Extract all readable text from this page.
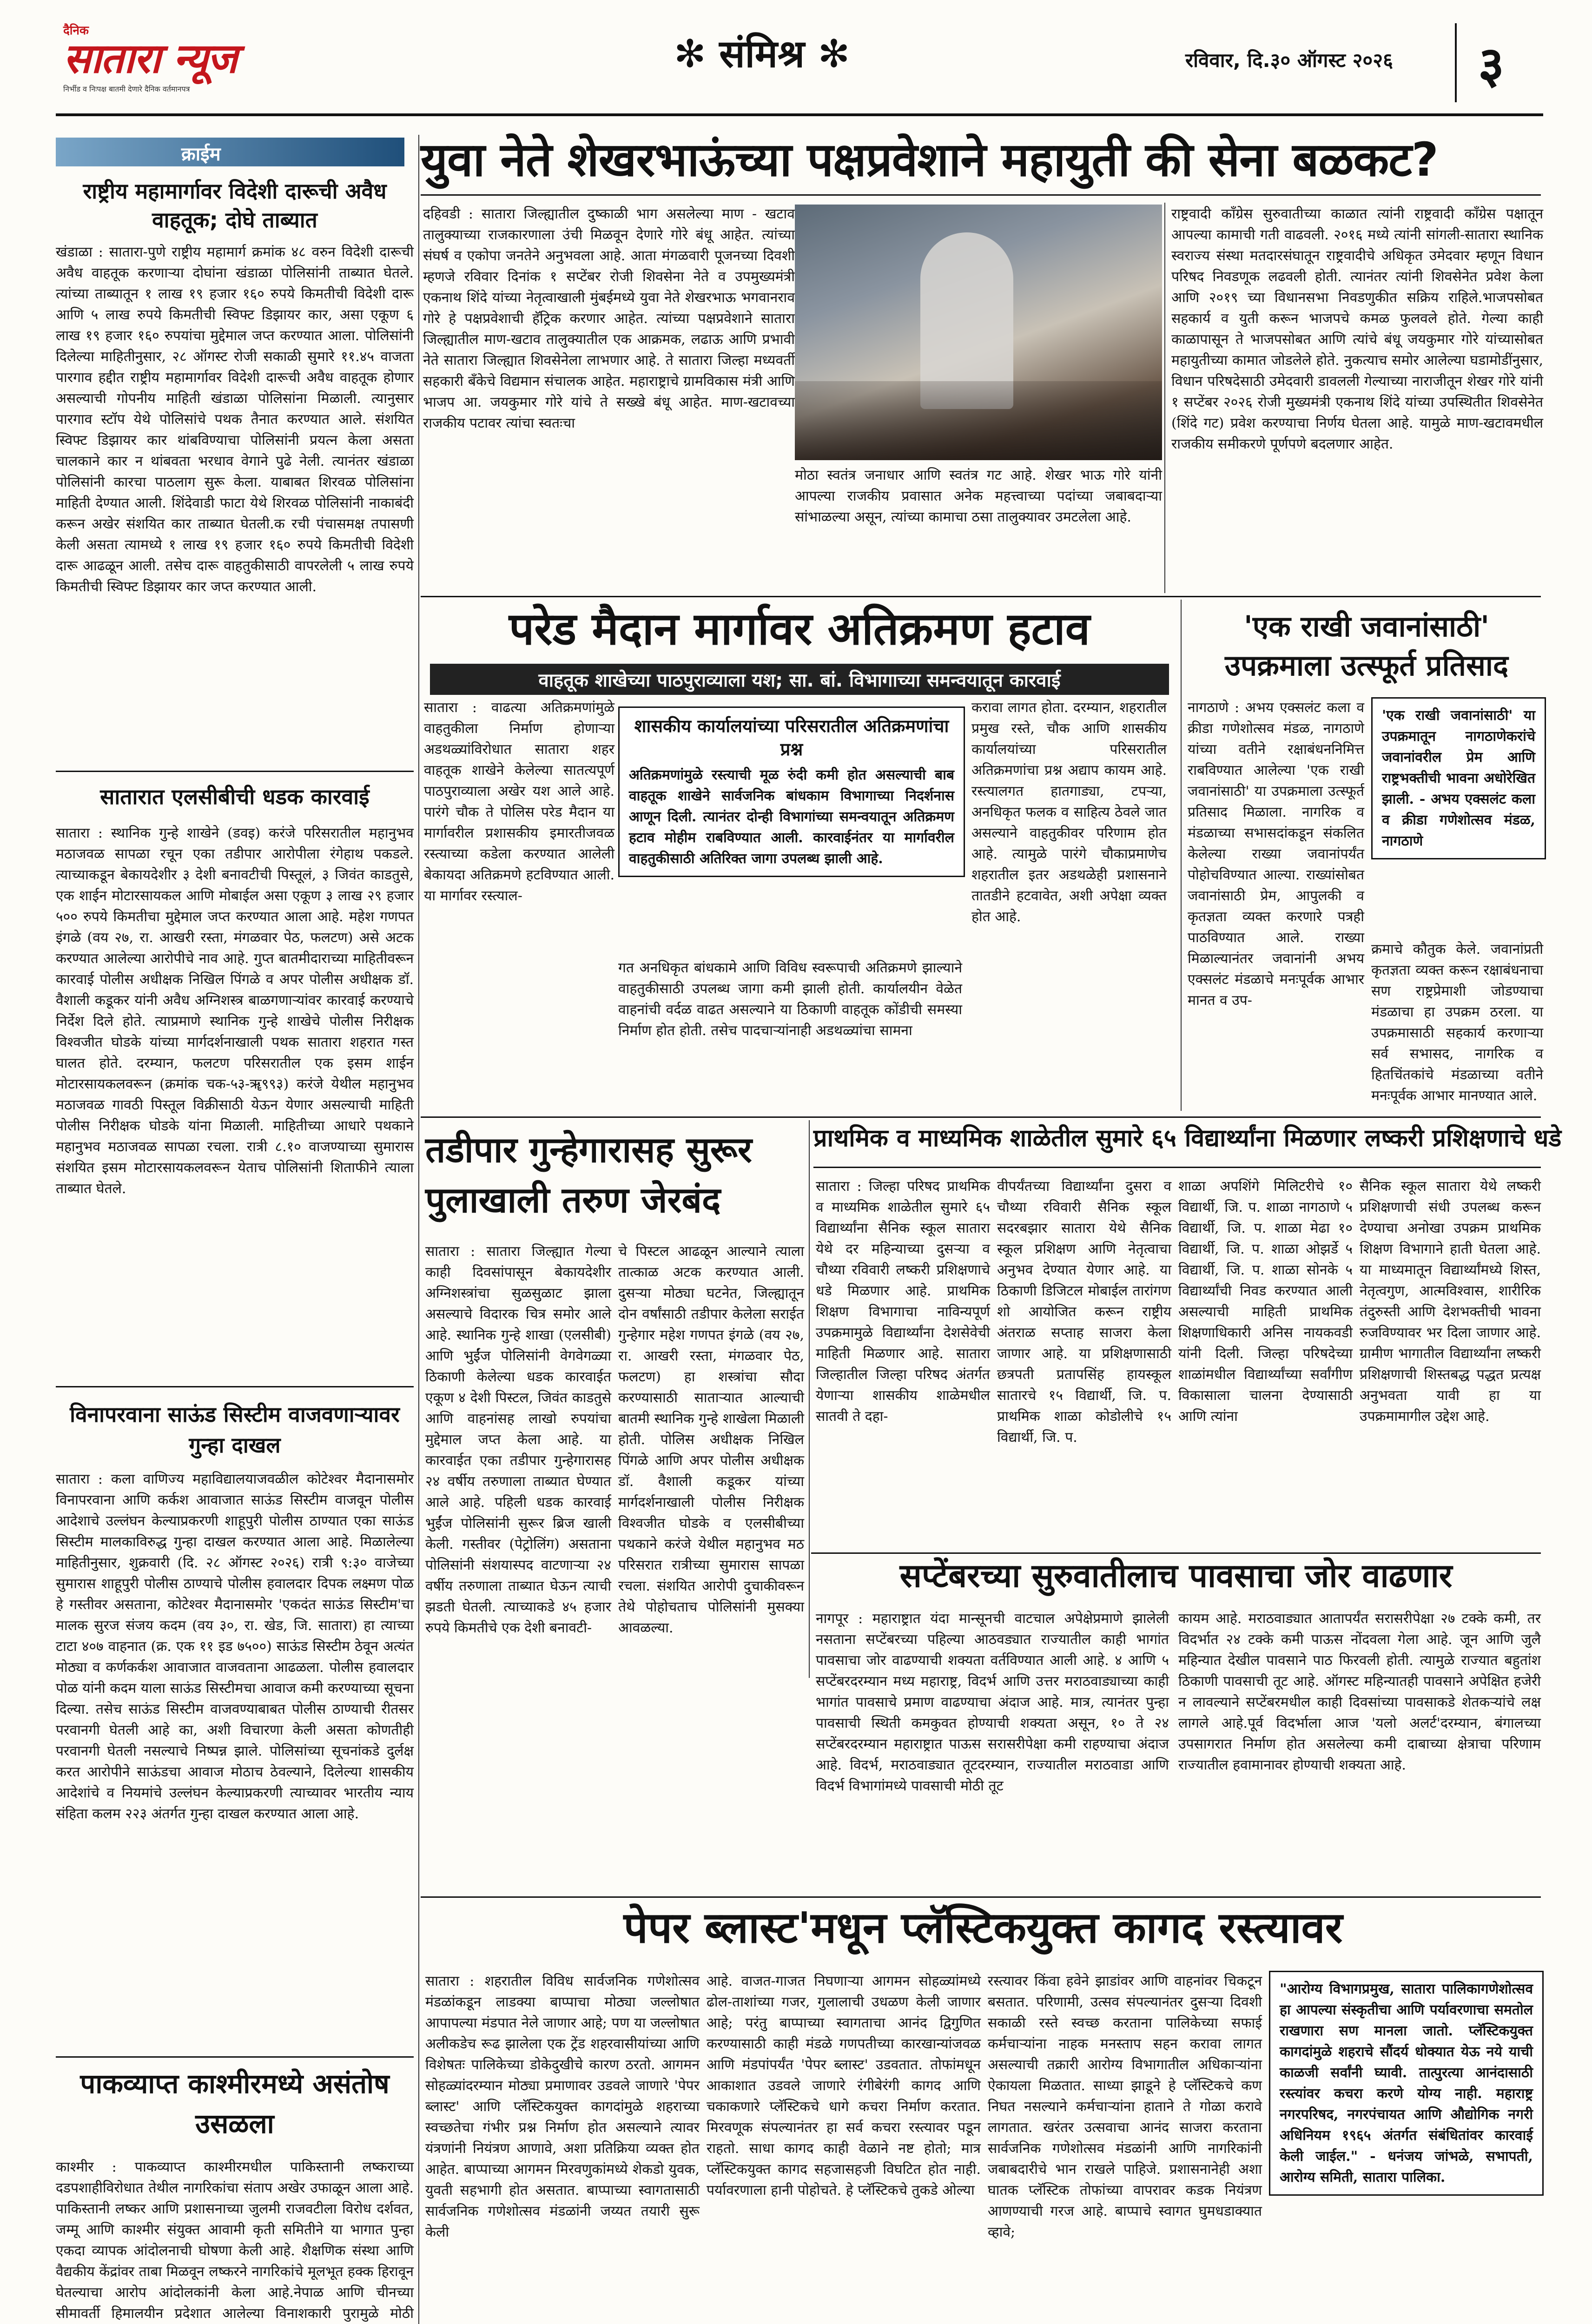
दैनिक
सातारा न्यूज
निर्भीड व निःपक्ष बातमी देणारे दैनिक वर्तमानपत्र
✻ संमिश्र ✻	रविवार, दि.३० ऑगस्ट २०२६ ३
क्राईम
राष्ट्रीय महामार्गावर विदेशी दारूची अवैध वाहतूक; दोघे ताब्यात

खंडाळा : सातारा-पुणे राष्ट्रीय महामार्ग क्रमांक ४८ वरुन विदेशी दारूची अवैध वाहतूक करणाऱ्या दोघांना खंडाळा पोलिसांनी ताब्यात घेतले. त्यांच्या ताब्यातून १ लाख १९ हजार १६० रुपये किमतीची विदेशी दारू आणि ५ लाख रुपये किमतीची स्विफ्ट डिझायर कार, असा एकूण ६ लाख १९ हजार १६० रुपयांचा मुद्देमाल जप्त करण्यात आला. पोलिसांनी दिलेल्या माहितीनुसार, २८ ऑगस्ट रोजी सकाळी सुमारे ११.४५ वाजता पारगाव हद्दीत राष्ट्रीय महामार्गावर विदेशी दारूची अवैध वाहतूक होणार असल्याची गोपनीय माहिती खंडाळा पोलिसांना मिळाली. त्यानुसार पारगाव स्टॉप येथे पोलिसांचे पथक तैनात करण्यात आले. संशयित स्विफ्ट डिझायर कार थांबविण्याचा पोलिसांनी प्रयत्न केला असता चालकाने कार न थांबवता भरधाव वेगाने पुढे नेली. त्यानंतर खंडाळा पोलिसांनी कारचा पाठलाग सुरू केला. याबाबत शिरवळ पोलिसांना माहिती देण्यात आली. शिंदेवाडी फाटा येथे शिरवळ पोलिसांनी नाकाबंदी करून अखेर संशयित कार ताब्यात घेतली.क रची पंचासमक्ष तपासणी केली असता त्यामध्ये १ लाख १९ हजार १६० रुपये किमतीची विदेशी दारू आढळून आली. तसेच दारू वाहतुकीसाठी वापरलेली ५ लाख रुपये किमतीची स्विफ्ट डिझायर कार जप्त करण्यात आली.

सातारात एलसीबीची धडक कारवाई

सातारा : स्थानिक गुन्हे शाखेने (डवइ) करंजे परिसरातील महानुभव मठाजवळ सापळा रचून एका तडीपार आरोपीला रंगेहाथ पकडले. त्याच्याकडून बेकायदेशीर ३ देशी बनावटीची पिस्तूलं, ३ जिवंत काडतुसे, एक शाईन मोटारसायकल आणि मोबाईल असा एकूण ३ लाख २९ हजार ५०० रुपये किमतीचा मुद्देमाल जप्त करण्यात आला आहे. महेश गणपत इंगळे (वय २७, रा. आखरी रस्ता, मंगळवार पेठ, फलटण) असे अटक करण्यात आलेल्या आरोपीचे नाव आहे. गुप्त बातमीदाराच्या माहितीवरून कारवाई पोलीस अधीक्षक निखिल पिंगळे व अपर पोलीस अधीक्षक डॉ. वैशाली कडूकर यांनी अवैध अग्निशस्त्र बाळगणाऱ्यांवर कारवाई करण्याचे निर्देश दिले होते. त्याप्रमाणे स्थानिक गुन्हे शाखेचे पोलीस निरीक्षक विश्वजीत घोडके यांच्या मार्गदर्शनाखाली पथक सातारा शहरात गस्त घालत होते. दरम्यान, फलटण परिसरातील एक इसम शाईन मोटारसायकलवरून (क्रमांक चक-५३-ॠ९९३) करंजे येथील महानुभव मठाजवळ गावठी पिस्तूल विक्रीसाठी येऊन येणार असल्याची माहिती पोलीस निरीक्षक घोडके यांना मिळाली. माहितीच्या आधारे पथकाने महानुभव मठाजवळ सापळा रचला. रात्री ८.१० वाजण्याच्या सुमारास संशयित इसम मोटारसायकलवरून येताच पोलिसांनी शिताफीने त्याला ताब्यात घेतले.

विनापरवाना साऊंड सिस्टीम वाजवणाऱ्यावर गुन्हा दाखल

सातारा : कला वाणिज्य महाविद्यालयाजवळील कोटेश्वर मैदानासमोर विनापरवाना आणि कर्कश आवाजात साऊंड सिस्टीम वाजवून पोलीस आदेशाचे उल्लंघन केल्याप्रकरणी शाहूपुरी पोलीस ठाण्यात एका साऊंड सिस्टीम मालकाविरुद्ध गुन्हा दाखल करण्यात आला आहे. मिळालेल्या माहितीनुसार, शुक्रवारी (दि. २८ ऑगस्ट २०२६) रात्री ९:३० वाजेच्या सुमारास शाहूपुरी पोलीस ठाण्याचे पोलीस हवालदार दिपक लक्ष्मण पोळ हे गस्तीवर असताना, कोटेश्वर मैदानासमोर 'एकदंत साऊंड सिस्टीम'चा मालक सुरज संजय कदम (वय ३०, रा. खेड, जि. सातारा) हा त्याच्या टाटा ४०७ वाहनात (क्र. एक ११ इड ७५००) साऊंड सिस्टीम ठेवून अत्यंत मोठ्या व कर्णकर्कश आवाजात वाजवताना आढळला. पोलीस हवालदार पोळ यांनी कदम याला साऊंड सिस्टीमचा आवाज कमी करण्याच्या सूचना दिल्या. तसेच साऊंड सिस्टीम वाजवण्याबाबत पोलीस ठाण्याची रीतसर परवानगी घेतली आहे का, अशी विचारणा केली असता कोणतीही परवानगी घेतली नसल्याचे निष्पन्न झाले. पोलिसांच्या सूचनांकडे दुर्लक्ष करत आरोपीने साऊंडचा आवाज मोठाच ठेवल्याने, दिलेल्या शासकीय आदेशांचे व नियमांचे उल्लंघन केल्याप्रकरणी त्याच्यावर भारतीय न्याय संहिता कलम २२३ अंतर्गत गुन्हा दाखल करण्यात आला आहे.

पाकव्याप्त काश्मीरमध्ये असंतोष उसळला

काश्मीर : पाकव्याप्त काश्मीरमधील पाकिस्तानी लष्कराच्या दडपशाहीविरोधात तेथील नागरिकांचा संताप अखेर उफाळून आला आहे. पाकिस्तानी लष्कर आणि प्रशासनाच्या जुलमी राजवटीला विरोध दर्शवत, जम्मू आणि काश्मीर संयुक्त आवामी कृती समितीने या भागात पुन्हा एकदा व्यापक आंदोलनाची घोषणा केली आहे. शैक्षणिक संस्था आणि वैद्यकीय केंद्रांवर ताबा मिळवून लष्करने नागरिकांचे मूलभूत हक्क हिरावून घेतल्याचा आरोप आंदोलकांनी केला आहे.नेपाळ आणि चीनच्या सीमावर्ती हिमालयीन प्रदेशात आलेल्या विनाशकारी पुरामुळे मोठी

युवा नेते शेखरभाऊंच्या पक्षप्रवेशाने महायुती की सेना बळकट?

दहिवडी : सातारा जिल्ह्यातील दुष्काळी भाग असलेल्या माण - खटाव तालुक्याच्या राजकारणाला उंची मिळवून देणारे गोरे बंधू आहेत. त्यांच्या संघर्ष व एकोपा जनतेने अनुभवला आहे. आता मंगळवारी पूजनच्या दिवशी म्हणजे रविवार दिनांक १ सप्टेंबर रोजी शिवसेना नेते व उपमुख्यमंत्री एकनाथ शिंदे यांच्या नेतृत्वाखाली मुंबईमध्ये युवा नेते शेखरभाऊ भगवानराव गोरे हे पक्षप्रवेशाची हॅट्रिक करणार आहेत. त्यांच्या पक्षप्रवेशाने सातारा जिल्ह्यातील माण-खटाव तालुक्यातील एक आक्रमक, लढाऊ आणि प्रभावी नेते सातारा जिल्ह्यात शिवसेनेला लाभणार आहे. ते सातारा जिल्हा मध्यवर्ती सहकारी बँकेचे विद्यमान संचालक आहेत. महाराष्ट्राचे ग्रामविकास मंत्री आणि भाजप आ. जयकुमार गोरे यांचे ते सख्खे बंधू आहेत. माण-खटावच्या राजकीय पटावर त्यांचा स्वतःचा

मोठा स्वतंत्र जनाधार आणि स्वतंत्र गट आहे. शेखर भाऊ गोरे यांनी आपल्या राजकीय प्रवासात अनेक महत्त्वाच्या पदांच्या जबाबदाऱ्या सांभाळल्या असून, त्यांच्या कामाचा ठसा तालुक्यावर उमटलेला आहे.

राष्ट्रवादी काँग्रेस सुरुवातीच्या काळात त्यांनी राष्ट्रवादी काँग्रेस पक्षातून आपल्या कामाची गती वाढवली. २०१६ मध्ये त्यांनी सांगली-सातारा स्थानिक स्वराज्य संस्था मतदारसंघातून राष्ट्रवादीचे अधिकृत उमेदवार म्हणून विधान परिषद निवडणूक लढवली होती. त्यानंतर त्यांनी शिवसेनेत प्रवेश केला आणि २०१९ च्या विधानसभा निवडणुकीत सक्रिय राहिले.भाजपसोबत सहकार्य व युती करून भाजपचे कमळ फुलवले होते. गेल्या काही काळापासून ते भाजपसोबत आणि त्यांचे बंधू जयकुमार गोरे यांच्यासोबत महायुतीच्या कामात जोडलेले होते. नुकत्याच समोर आलेल्या घडामोडींनुसार, विधान परिषदेसाठी उमेदवारी डावलली गेल्याच्या नाराजीतून शेखर गोरे यांनी १ सप्टेंबर २०२६ रोजी मुख्यमंत्री एकनाथ शिंदे यांच्या उपस्थितीत शिवसेनेत (शिंदे गट) प्रवेश करण्याचा निर्णय घेतला आहे. यामुळे माण-खटावमधील राजकीय समीकरणे पूर्णपणे बदलणार आहेत.

परेड मैदान मार्गावर अतिक्रमण हटाव
वाहतूक शाखेच्या पाठपुराव्याला यश; सा. बां. विभागाच्या समन्वयातून कारवाई

सातारा : वाढत्या अतिक्रमणांमुळे वाहतुकीला निर्माण होणाऱ्या अडथळ्यांविरोधात सातारा शहर वाहतूक शाखेने केलेल्या सातत्यपूर्ण पाठपुराव्याला अखेर यश आले आहे. पारंगे चौक ते पोलिस परेड मैदान या मार्गावरील प्रशासकीय इमारतीजवळ रस्त्याच्या कडेला करण्यात आलेली बेकायदा अतिक्रमणे हटविण्यात आली. या मार्गावर रस्त्याल-

शासकीय कार्यालयांच्या परिसरातील अतिक्रमणांचा प्रश्न
अतिक्रमणांमुळे रस्त्याची मूळ रुंदी कमी होत असल्याची बाब वाहतूक शाखेने सार्वजनिक बांधकाम विभागाच्या निदर्शनास आणून दिली. त्यानंतर दोन्ही विभागांच्या समन्वयातून अतिक्रमण हटाव मोहीम राबविण्यात आली. कारवाईनंतर या मार्गावरील वाहतुकीसाठी अतिरिक्त जागा उपलब्ध झाली आहे.

गत अनधिकृत बांधकामे आणि विविध स्वरूपाची अतिक्रमणे झाल्याने वाहतुकीसाठी उपलब्ध जागा कमी झाली होती. कार्यालयीन वेळेत वाहनांची वर्दळ वाढत असल्याने या ठिकाणी वाहतूक कोंडीची समस्या निर्माण होत होती. तसेच पादचाऱ्यांनाही अडथळ्यांचा सामना

करावा लागत होता. दरम्यान, शहरातील प्रमुख रस्ते, चौक आणि शासकीय कार्यालयांच्या परिसरातील अतिक्रमणांचा प्रश्न अद्याप कायम आहे. रस्त्यालगत हातगाड्या, टपऱ्या, अनधिकृत फलक व साहित्य ठेवले जात असल्याने वाहतुकीवर परिणाम होत आहे. त्यामुळे पारंगे चौकाप्रमाणेच शहरातील इतर अडथळेही प्रशासनाने तातडीने हटवावेत, अशी अपेक्षा व्यक्त होत आहे.

'एक राखी जवानांसाठी' उपक्रमाला उत्स्फूर्त प्रतिसाद

नागठाणे : अभय एक्सलंट कला व क्रीडा गणेशोत्सव मंडळ, नागठाणे यांच्या वतीने रक्षाबंधननिमित्त राबविण्यात आलेल्या 'एक राखी जवानांसाठी' या उपक्रमाला उत्स्फूर्त प्रतिसाद मिळाला. नागरिक व मंडळाच्या सभासदांकडून संकलित केलेल्या राख्या जवानांपर्यंत पोहोचविण्यात आल्या. राख्यांसोबत जवानांसाठी प्रेम, आपुलकी व कृतज्ञता व्यक्त करणारे पत्रही पाठविण्यात आले. राख्या मिळाल्यानंतर जवानांनी अभय एक्सलंट मंडळाचे मनःपूर्वक आभार मानत व उप-

'एक राखी जवानांसाठी' या उपक्रमातून नागठाणेकरांचे जवानांवरील प्रेम आणि राष्ट्रभक्तीची भावना अधोरेखित झाली. - अभय एक्सलंट कला व क्रीडा गणेशोत्सव मंडळ, नागठाणे

क्रमाचे कौतुक केले. जवानांप्रती कृतज्ञता व्यक्त करून रक्षाबंधनाचा सण राष्ट्रप्रेमाशी जोडण्याचा मंडळाचा हा उपक्रम ठरला. या उपक्रमासाठी सहकार्य करणाऱ्या सर्व सभासद, नागरिक व हितचिंतकांचे मंडळाच्या वतीने मनःपूर्वक आभार मानण्यात आले.

तडीपार गुन्हेगारासह सुरूर पुलाखाली तरुण जेरबंद

सातारा : सातारा जिल्ह्यात गेल्या काही दिवसांपासून बेकायदेशीर अग्निशस्त्रांचा सुळसुळाट झाला असल्याचे विदारक चित्र समोर आले आहे. स्थानिक गुन्हे शाखा (एलसीबी) आणि भुईंज पोलिसांनी वेगवेगळ्या ठिकाणी केलेल्या धडक कारवाईत एकूण ४ देशी पिस्टल, जिवंत काडतुसे आणि वाहनांसह लाखो रुपयांचा मुद्देमाल जप्त केला आहे. या कारवाईत एका तडीपार गुन्हेगारासह २४ वर्षीय तरुणाला ताब्यात घेण्यात आले आहे. पहिली धडक कारवाई भुईंज पोलिसांनी सुरूर ब्रिज खाली केली. गस्तीवर (पेट्रोलिंग) असताना पोलिसांनी संशयास्पद वाटणाऱ्या २४ वर्षीय तरुणाला ताब्यात घेऊन त्याची झडती घेतली. त्याच्याकडे ४५ हजार रुपये किमतीचे एक देशी बनावटी-

चे पिस्टल आढळून आल्याने त्याला तात्काळ अटक करण्यात आली. दुसऱ्या मोठ्या घटनेत, जिल्ह्यातून दोन वर्षांसाठी तडीपार केलेला सराईत गुन्हेगार महेश गणपत इंगळे (वय २७, रा. आखरी रस्ता, मंगळवार पेठ, फलटण) हा शस्त्रांचा सौदा करण्यासाठी साताऱ्यात आल्याची बातमी स्थानिक गुन्हे शाखेला मिळाली होती. पोलिस अधीक्षक निखिल पिंगळे आणि अपर पोलीस अधीक्षक डॉ. वैशाली कडूकर यांच्या मार्गदर्शनाखाली पोलीस निरीक्षक विश्वजीत घोडके व एलसीबीच्या पथकाने करंजे येथील महानुभव मठ परिसरात रात्रीच्या सुमारास सापळा रचला. संशयित आरोपी दुचाकीवरून तेथे पोहोचताच पोलिसांनी मुसक्या आवळल्या.

प्राथमिक व माध्यमिक शाळेतील सुमारे ६५ विद्यार्थ्यांना मिळणार लष्करी प्रशिक्षणाचे धडे

सातारा : जिल्हा परिषद प्राथमिक व माध्यमिक शाळेतील सुमारे ६५ विद्यार्थ्यांना सैनिक स्कूल सातारा येथे दर महिन्याच्या दुसऱ्या व चौथ्या रविवारी लष्करी प्रशिक्षणाचे धडे मिळणार आहे. प्राथमिक शिक्षण विभागाचा नाविन्यपूर्ण उपक्रमामुळे विद्यार्थ्यांना देशसेवेची माहिती मिळणार आहे. सातारा जिल्हातील जिल्हा परिषद अंतर्गत येणाऱ्या शासकीय शाळेमधील सातवी ते दहा-

वीपर्यंतच्या विद्यार्थ्यांना दुसरा व चौथ्या रविवारी सैनिक स्कूल सदरबझार सातारा येथे सैनिक स्कूल प्रशिक्षण आणि नेतृत्वाचा अनुभव देण्यात येणार आहे. या ठिकाणी डिजिटल मोबाईल तारांगण शो आयोजित करून राष्ट्रीय अंतराळ सप्ताह साजरा केला जाणार आहे. या प्रशिक्षणासाठी छत्रपती प्रतापसिंह हायस्कूल सातारचे १५ विद्यार्थी, जि. प. प्राथमिक शाळा कोडोलीचे १५ विद्यार्थी, जि. प.

शाळा अपशिंगे मिलिटरीचे १० विद्यार्थी, जि. प. शाळा नागठाणे ५ विद्यार्थी, जि. प. शाळा मेढा १० विद्यार्थी, जि. प. शाळा ओझर्डे ५ विद्यार्थी, जि. प. शाळा सोनके ५ विद्यार्थ्यांची निवड करण्यात आली असल्याची माहिती प्राथमिक शिक्षणाधिकारी अनिस नायकवडी यांनी दिली. जिल्हा परिषदेच्या शाळांमधील विद्यार्थ्यांच्या सर्वांगीण विकासाला चालना देण्यासाठी आणि त्यांना

सैनिक स्कूल सातारा येथे लष्करी प्रशिक्षणाची संधी उपलब्ध करून देण्याचा अनोखा उपक्रम प्राथमिक शिक्षण विभागाने हाती घेतला आहे. या माध्यमातून विद्यार्थ्यांमध्ये शिस्त, नेतृत्वगुण, आत्मविश्वास, शारीरिक तंदुरुस्ती आणि देशभक्तीची भावना रुजविण्यावर भर दिला जाणार आहे. ग्रामीण भागातील विद्यार्थ्यांना लष्करी प्रशिक्षणाची शिस्तबद्ध पद्धत प्रत्यक्ष अनुभवता यावी हा या उपक्रमामागील उद्देश आहे.

सप्टेंबरच्या सुरुवातीलाच पावसाचा जोर वाढणार

नागपूर : महाराष्ट्रात यंदा मान्सूनची वाटचाल अपेक्षेप्रमाणे झालेली नसताना सप्टेंबरच्या पहिल्या आठवड्यात राज्यातील काही भागांत पावसाचा जोर वाढण्याची शक्यता वर्तविण्यात आली आहे. ४ आणि ५ सप्टेंबरदरम्यान मध्य महाराष्ट्र, विदर्भ आणि उत्तर मराठवाड्याच्या काही भागांत पावसाचे प्रमाण वाढण्याचा अंदाज आहे. मात्र, त्यानंतर पुन्हा पावसाची स्थिती कमकुवत होण्याची शक्यता असून, १० ते २४ सप्टेंबरदरम्यान महाराष्ट्रात पाऊस सरासरीपेक्षा कमी राहण्याचा अंदाज आहे. विदर्भ, मराठवाड्यात तूटदरम्यान, राज्यातील मराठवाडा आणि विदर्भ विभागांमध्ये पावसाची मोठी तूट

कायम आहे. मराठवाड्यात आतापर्यंत सरासरीपेक्षा २७ टक्के कमी, तर विदर्भात २४ टक्के कमी पाऊस नोंदवला गेला आहे. जून आणि जुलै महिन्यात देखील पावसाने पाठ फिरवली होती. त्यामुळे राज्यात बहुतांश ठिकाणी पावसाची तूट आहे. ऑगस्ट महिन्यातही पावसाने अपेक्षित हजेरी न लावल्याने सप्टेंबरमधील काही दिवसांच्या पावसाकडे शेतकऱ्यांचे लक्ष लागले आहे.पूर्व विदर्भाला आज 'यलो अलर्ट'दरम्यान, बंगालच्या उपसागरात निर्माण होत असलेल्या कमी दाबाच्या क्षेत्राचा परिणाम राज्यातील हवामानावर होण्याची शक्यता आहे.

पेपर ब्लास्ट'मधून प्लॅस्टिकयुक्त कागद रस्त्यावर

सातारा : शहरातील विविध सार्वजनिक गणेशोत्सव मंडळांकडून लाडक्या बाप्पाचा मोठ्या जल्लोषात आपापल्या मंडपात नेले जाणार आहे; पण या जल्लोषात अलीकडेच रूढ झालेला एक ट्रेंड शहरवासीयांच्या आणि विशेषतः पालिकेच्या डोकेदुखीचे कारण ठरतो. आगमन सोहळ्यांदरम्यान मोठ्या प्रमाणावर उडवले जाणारे 'पेपर ब्लास्ट' आणि प्लॅस्टिकयुक्त कागदांमुळे शहराच्या स्वच्छतेचा गंभीर प्रश्न निर्माण होत असल्याने त्यावर यंत्रणांनी नियंत्रण आणावे, अशा प्रतिक्रिया व्यक्त होत आहेत. बाप्पाच्या आगमन मिरवणुकांमध्ये शेकडो युवक, युवती सहभागी होत असतात. बाप्पाच्या स्वागतासाठी सार्वजनिक गणेशोत्सव मंडळांनी जय्यत तयारी सुरू केली

आहे. वाजत-गाजत निघणाऱ्या आगमन सोहळ्यांमध्ये ढोल-ताशांच्या गजर, गुलालाची उधळण केली जाणार आहे; परंतु बाप्पाच्या स्वागताचा आनंद द्विगुणित करण्यासाठी काही मंडळे गणपतीच्या कारखान्यांजवळ आणि मंडपांपर्यंत 'पेपर ब्लास्ट' उडवतात. तोफांमधून आकाशात उडवले जाणारे रंगीबेरंगी कागद आणि चकाकणारे प्लॅस्टिकचे धागे कचरा निर्माण करतात. मिरवणूक संपल्यानंतर हा सर्व कचरा रस्त्यावर पडून राहतो. साधा कागद काही वेळाने नष्ट होतो; मात्र प्लॅस्टिकयुक्त कागद सहजासहजी विघटित होत नाही. पर्यावरणाला हानी पोहोचते. हे प्लॅस्टिकचे तुकडे ओल्या

रस्त्यावर किंवा हवेने झाडांवर आणि वाहनांवर चिकटून बसतात. परिणामी, उत्सव संपल्यानंतर दुसऱ्या दिवशी सकाळी रस्ते स्वच्छ करताना पालिकेच्या सफाई कर्मचाऱ्यांना नाहक मनस्ताप सहन करावा लागत असल्याची तक्रारी आरोग्य विभागातील अधिकाऱ्यांना ऐकायला मिळतात. साध्या झाडूने हे प्लॅस्टिकचे कण निघत नसल्याने कर्मचाऱ्यांना हाताने ते गोळा करावे लागतात. खरंतर उत्सवाचा आनंद साजरा करताना सार्वजनिक गणेशोत्सव मंडळांनी आणि नागरिकांनी जबाबदारीचे भान राखले पाहिजे. प्रशासनानेही अशा घातक प्लॅस्टिक तोफांच्या वापरावर कडक नियंत्रण आणण्याची गरज आहे. बाप्पाचे स्वागत घुमधडाक्यात व्हावे;

"आरोग्य विभागप्रमुख, सातारा पालिकागणेशोत्सव हा आपल्या संस्कृतीचा आणि पर्यावरणाचा समतोल राखणारा सण मानला जातो. प्लॅस्टिकयुक्त कागदांमुळे शहराचे सौंदर्य धोक्यात येऊ नये याची काळजी सर्वांनी घ्यावी. तात्पुरत्या आनंदासाठी रस्त्यांवर कचरा करणे योग्य नाही. महाराष्ट्र नगरपरिषद, नगरपंचायत आणि औद्योगिक नगरी अधिनियम १९६५ अंतर्गत संबंधितांवर कारवाई केली जाईल." - धनंजय जांभळे, सभापती, आरोग्य समिती, सातारा पालिका.
